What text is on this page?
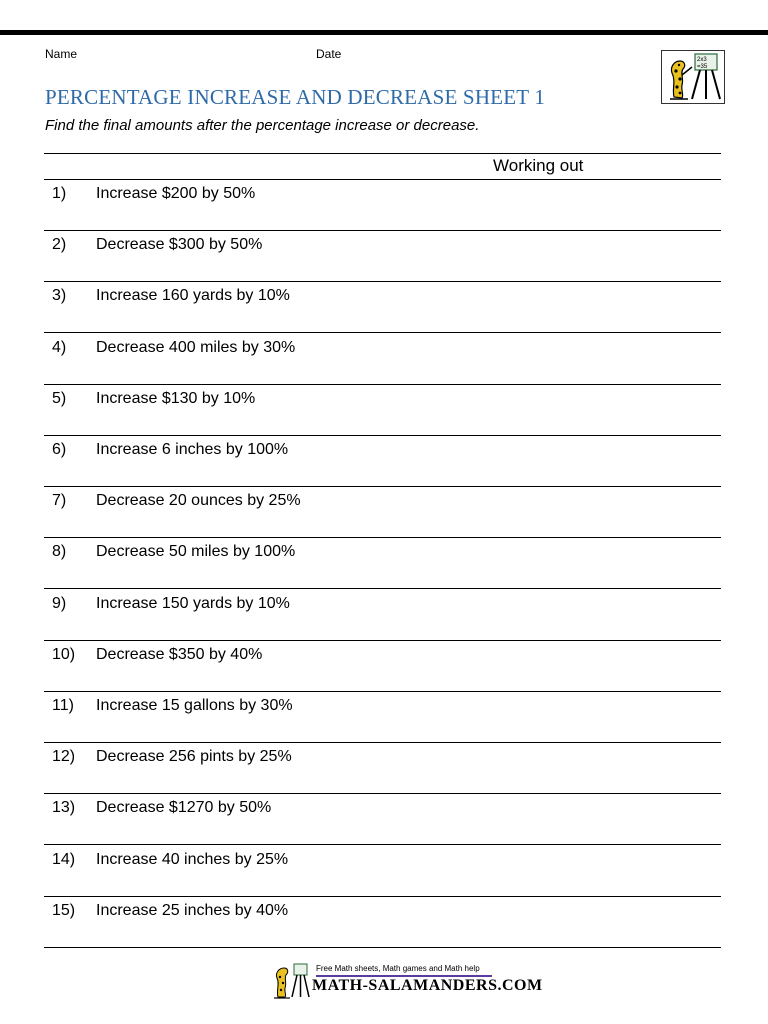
Name	Date	2x3
=35
PERCENTAGE INCREASE AND DECREASE SHEET 1
Find the final amounts after the percentage increase or decrease.
Working out
1) Increase $200 by 50%
2) Decrease $300 by 50%
3) Increase 160 yards by 10%
4) Decrease 400 miles by 30%
5) Increase $130 by 10%
6) Increase 6 inches by 100%
7) Decrease 20 ounces by 25%
8) Decrease 50 miles by 100%
9) Increase 150 yards by 10%
10) Decrease $350 by 40%
11) Increase 15 gallons by 30%
12) Decrease 256 pints by 25%
13) Decrease $1270 by 50%
14) Increase 40 inches by 25%
15) Increase 25 inches by 40%
Free Math sheets, Math games and Math help
MATH-SALAMANDERS.COM
